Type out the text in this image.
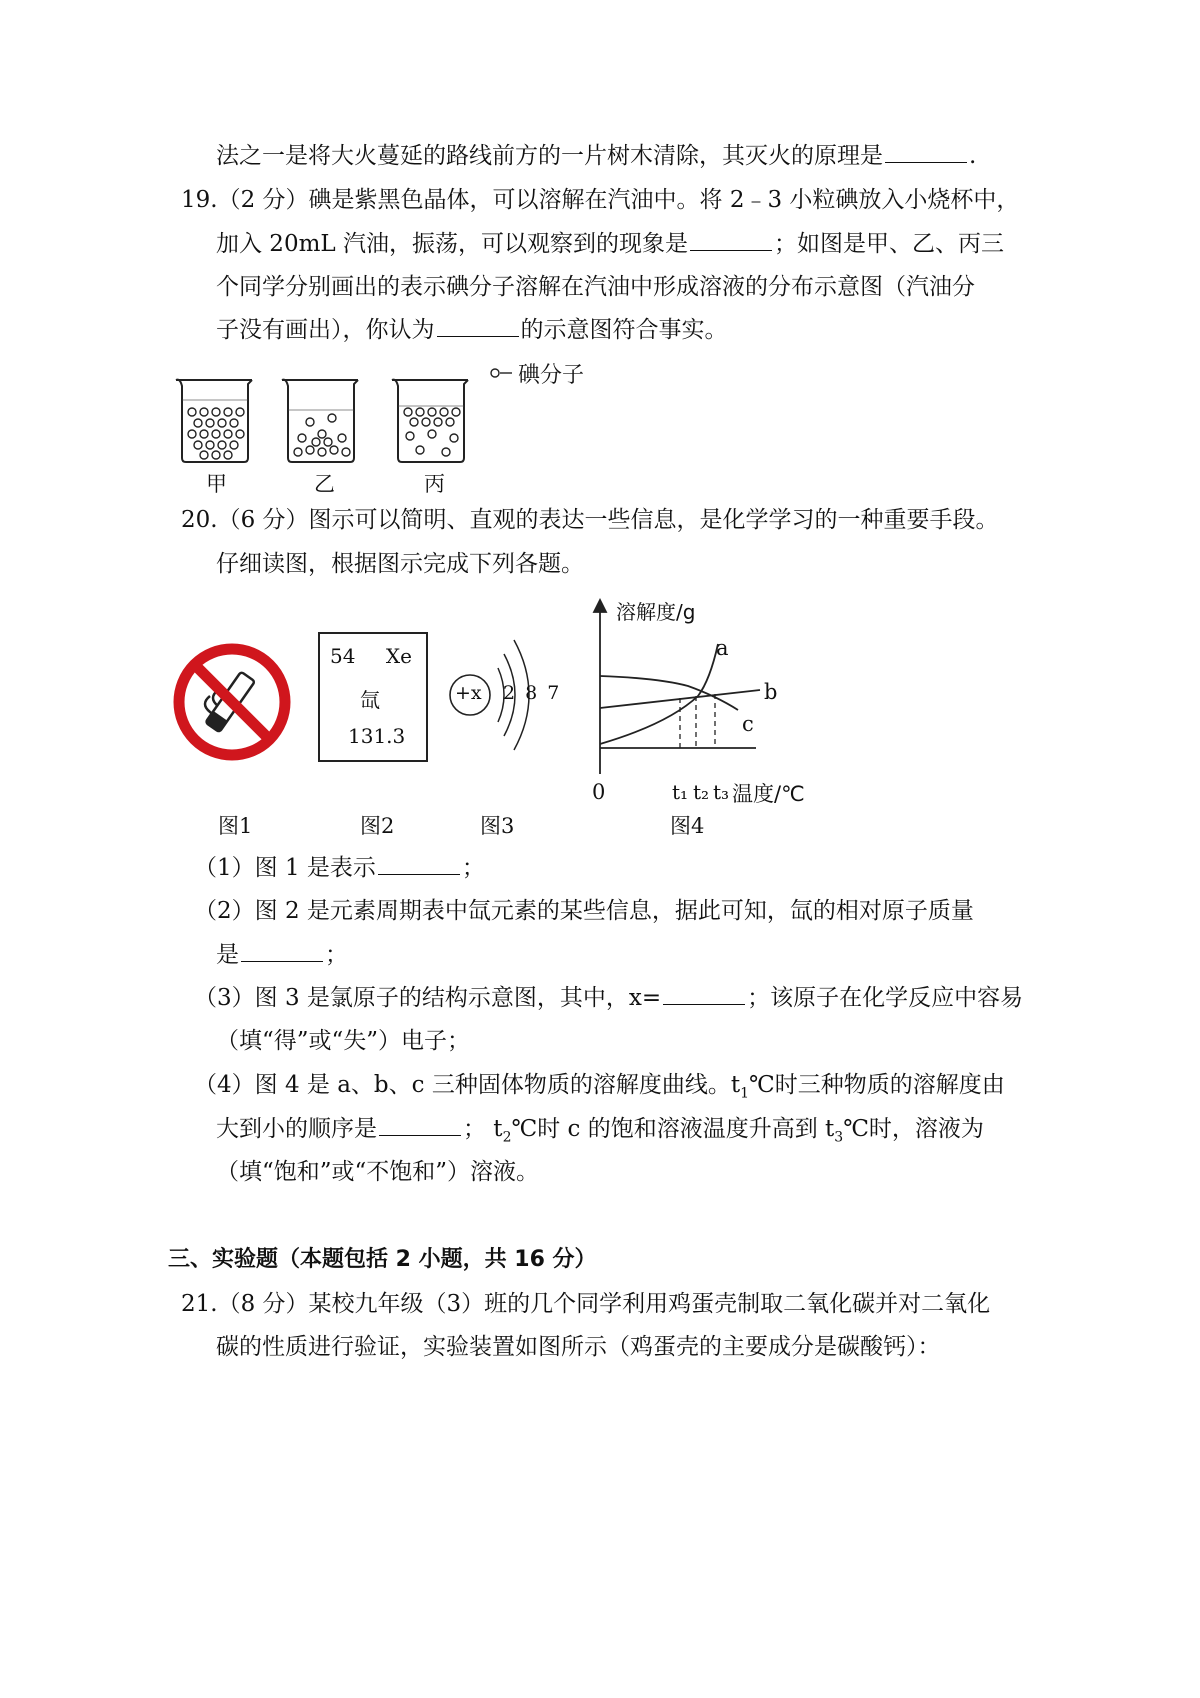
法之一是将大火蔓延的路线前方的一片树木清除，其灭火的原理是	.
19.（2 分）碘是紫黑色晶体，可以溶解在汽油中。将 2﹣3 小粒碘放入小烧杯中，
加入 20mL 汽油，振荡，可以观察到的现象是	；如图是甲、乙、丙三
个同学分别画出的表示碘分子溶解在汽油中形成溶液的分布示意图（汽油分
子没有画出），你认为	的示意图符合事实。
碘分子
甲	乙	丙
20.（6 分）图示可以简明、直观的表达一些信息，是化学学习的一种重要手段。
仔细读图，根据图示完成下列各题。
54 Xe
氙
131.3
+x 2 8 7
溶解度/g
a
b
c
0	t₁ t₂ t₃ 温度/℃
图1	图2	图3	图4
（1）图 1 是表示	；
（2）图 2 是元素周期表中氙元素的某些信息，据此可知，氙的相对原子质量
是	；
（3）图 3 是氯原子的结构示意图，其中，x=	；该原子在化学反应中容易
（填“得”或“失”）电子；
（4）图 4 是 a、b、c 三种固体物质的溶解度曲线。$t_1℃$时三种物质的溶解度由
大到小的顺序是	； $t_2℃$时 c 的饱和溶液温度升高到 $t_3℃$时，溶液为
（填“饱和”或“不饱和”）溶液。
三、实验题（本题包括 2 小题，共 16 分）
21.（8 分）某校九年级（3）班的几个同学利用鸡蛋壳制取二氧化碳并对二氧化
碳的性质进行验证，实验装置如图所示（鸡蛋壳的主要成分是碳酸钙）：
